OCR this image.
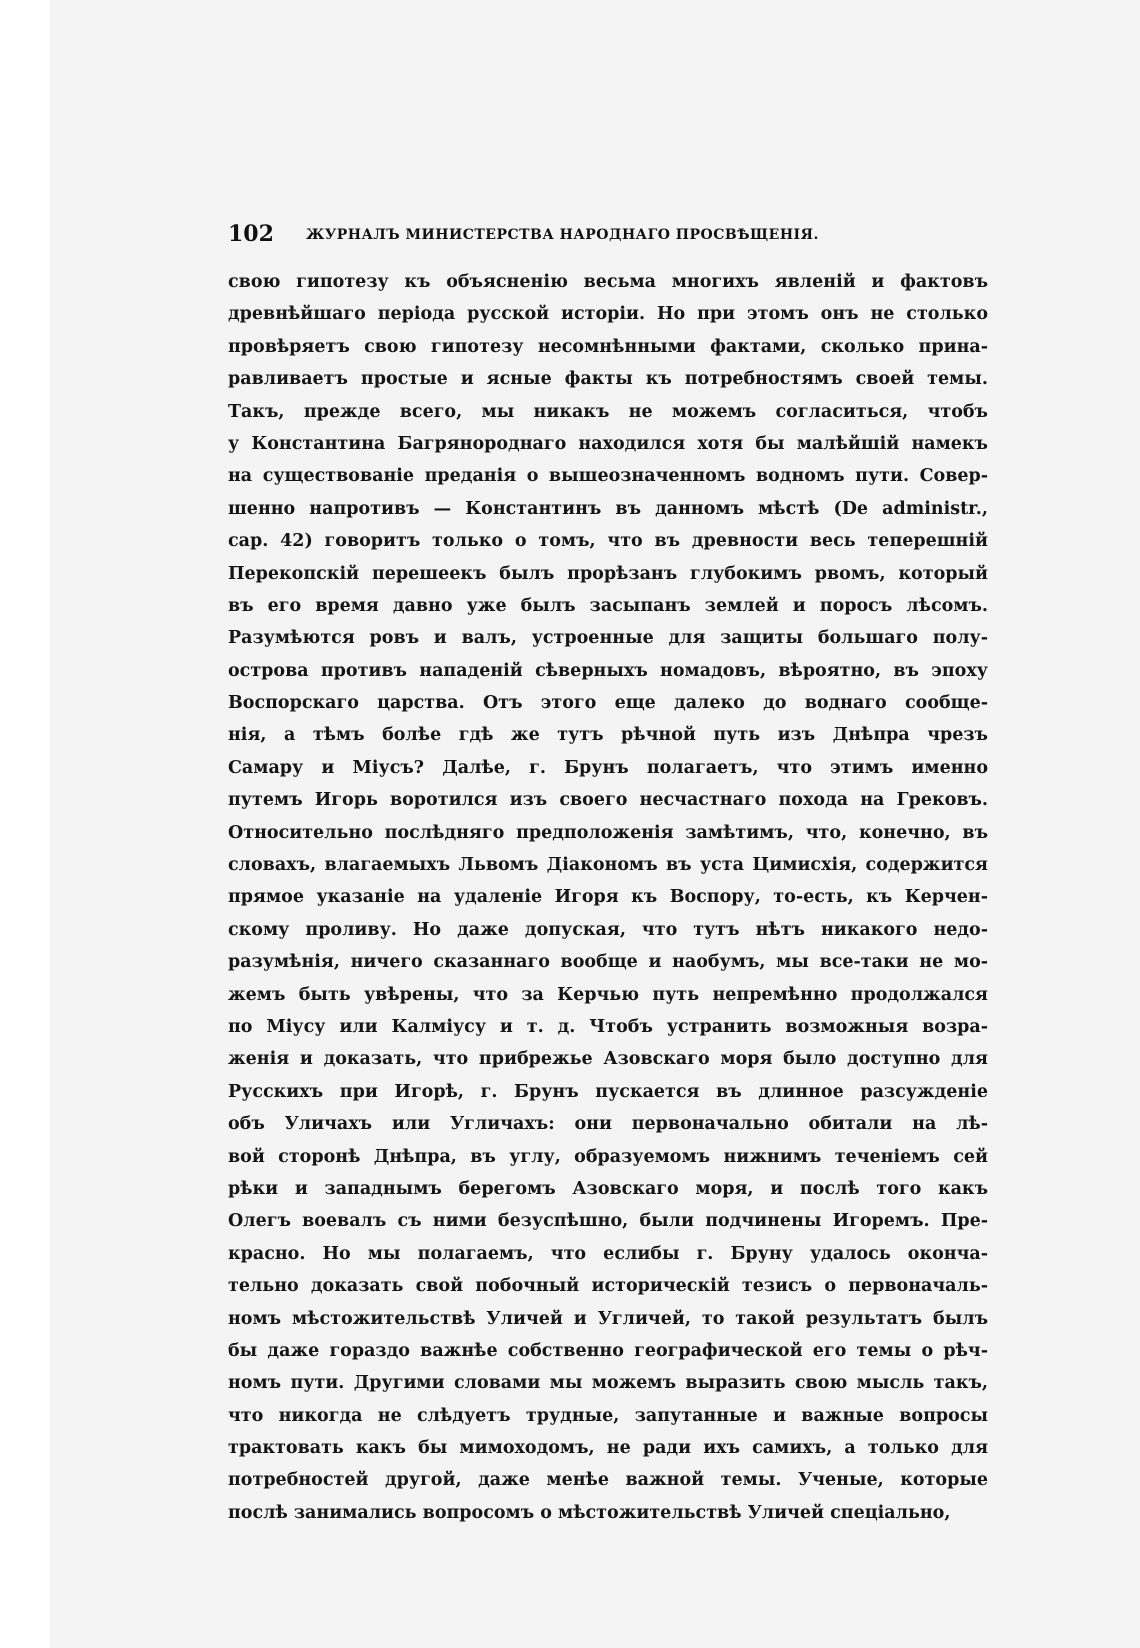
102 ЖУРНАЛЪ МИНИСТЕРСТВА НАРОДНАГО ПРОСВѢЩЕНІЯ.
свою гипотезу къ объясненію весьма многихъ явленій и фактовъ
древнѣйшаго періода русской исторіи. Но при этомъ онъ не столько
провѣряетъ свою гипотезу несомнѣнными фактами, сколько прина-
равливаетъ простые и ясные факты къ потребностямъ своей темы.
Такъ, прежде всего, мы никакъ не можемъ согласиться, чтобъ
у Константина Багрянороднаго находился хотя бы малѣйшій намекъ
на существованіе преданія о вышеозначенномъ водномъ пути. Совер-
шенно напротивъ — Константинъ въ данномъ мѣстѣ (De administr.,
cap. 42) говоритъ только о томъ, что въ древности весь теперешній
Перекопскій перешеекъ былъ прорѣзанъ глубокимъ рвомъ, который
въ его время давно уже былъ засыпанъ землей и поросъ лѣсомъ.
Разумѣются ровъ и валъ, устроенные для защиты большаго полу-
острова противъ нападеній сѣверныхъ номадовъ, вѣроятно, въ эпоху
Воспорскаго царства. Отъ этого еще далеко до воднаго сообще-
нія, а тѣмъ болѣе гдѣ же тутъ рѣчной путь изъ Днѣпра чрезъ
Самару и Міусъ? Далѣе, г. Брунъ полагаетъ, что этимъ именно
путемъ Игорь воротился изъ своего несчастнаго похода на Грековъ.
Относительно послѣдняго предположенія замѣтимъ, что, конечно, въ
словахъ, влагаемыхъ Львомъ Діакономъ въ уста Цимисхія, содержится
прямое указаніе на удаленіе Игоря къ Воспору, то-есть, къ Керчен-
скому проливу. Но даже допуская, что тутъ нѣтъ никакого недо-
разумѣнія, ничего сказаннаго вообще и наобумъ, мы все-таки не мо-
жемъ быть увѣрены, что за Керчью путь непремѣнно продолжался
по Міусу или Калміусу и т. д. Чтобъ устранить возможныя возра-
женія и доказать, что прибрежье Азовскаго моря было доступно для
Русскихъ при Игорѣ, г. Брунъ пускается въ длинное разсужденіе
объ Уличахъ или Угличахъ: они первоначально обитали на лѣ-
вой сторонѣ Днѣпра, въ углу, образуемомъ нижнимъ теченіемъ сей
рѣки и западнымъ берегомъ Азовскаго моря, и послѣ того какъ
Олегъ воевалъ съ ними безуспѣшно, были подчинены Игоремъ. Пре-
красно. Но мы полагаемъ, что еслибы г. Бруну удалось оконча-
тельно доказать свой побочный историческій тезисъ о первоначаль-
номъ мѣстожительствѣ Уличей и Угличей, то такой результатъ былъ
бы даже гораздо важнѣе собственно географической его темы о рѣч-
номъ пути. Другими словами мы можемъ выразить свою мысль такъ,
что никогда не слѣдуетъ трудные, запутанные и важные вопросы
трактовать какъ бы мимоходомъ, не ради ихъ самихъ, а только для
потребностей другой, даже менѣе важной темы. Ученые, которые
послѣ занимались вопросомъ о мѣстожительствѣ Уличей спеціально,
